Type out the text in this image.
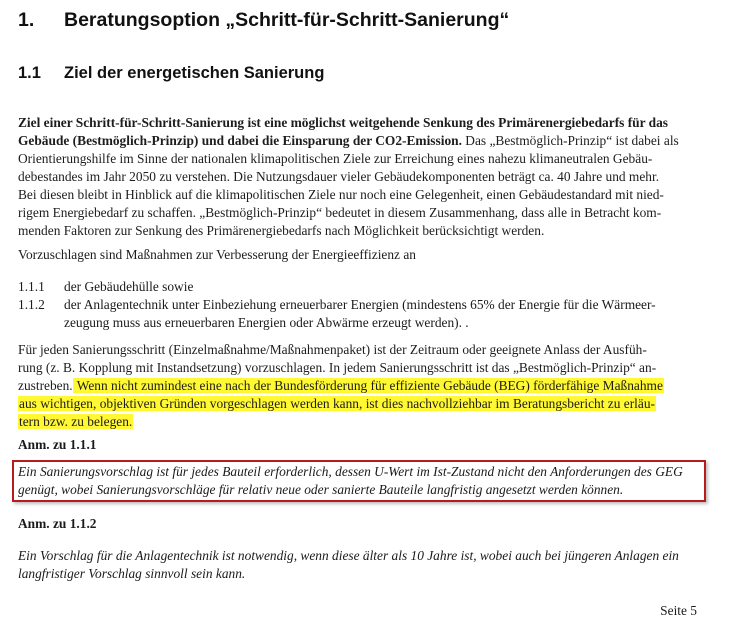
1. Beratungsoption „Schritt-für-Schritt-Sanierung“
1.1 Ziel der energetischen Sanierung
Ziel einer Schritt-für-Schritt-Sanierung ist eine möglichst weitgehende Senkung des Primärenergiebedarfs für das
Gebäude (Bestmöglich-Prinzip) und dabei die Einsparung der CO2-Emission. Das „Bestmöglich-Prinzip“ ist dabei als
Orientierungshilfe im Sinne der nationalen klimapolitischen Ziele zur Erreichung eines nahezu klimaneutralen Gebäu-
debestandes im Jahr 2050 zu verstehen. Die Nutzungsdauer vieler Gebäudekomponenten beträgt ca. 40 Jahre und mehr.
Bei diesen bleibt in Hinblick auf die klimapolitischen Ziele nur noch eine Gelegenheit, einen Gebäudestandard mit nied-
rigem Energiebedarf zu schaffen. „Bestmöglich-Prinzip“ bedeutet in diesem Zusammenhang, dass alle in Betracht kom-
menden Faktoren zur Senkung des Primärenergiebedarfs nach Möglichkeit berücksichtigt werden.
Vorzuschlagen sind Maßnahmen zur Verbesserung der Energieeffizienz an
1.1.1 der Gebäudehülle sowie
1.1.2 der Anlagentechnik unter Einbeziehung erneuerbarer Energien (mindestens 65% der Energie für die Wärmeer-
zeugung muss aus erneuerbaren Energien oder Abwärme erzeugt werden). .
Für jeden Sanierungsschritt (Einzelmaßnahme/Maßnahmenpaket) ist der Zeitraum oder geeignete Anlass der Ausfüh-
rung (z. B. Kopplung mit Instandsetzung) vorzuschlagen. In jedem Sanierungsschritt ist das „Bestmöglich-Prinzip“ an-
zustreben. Wenn nicht zumindest eine nach der Bundesförderung für effiziente Gebäude (BEG) förderfähige Maßnahme
aus wichtigen, objektiven Gründen vorgeschlagen werden kann, ist dies nachvollziehbar im Beratungsbericht zu erläu-
tern bzw. zu belegen.
Anm. zu 1.1.1
Ein Sanierungsvorschlag ist für jedes Bauteil erforderlich, dessen U-Wert im Ist-Zustand nicht den Anforderungen des GEG
genügt, wobei Sanierungsvorschläge für relativ neue oder sanierte Bauteile langfristig angesetzt werden können.
Anm. zu 1.1.2
Ein Vorschlag für die Anlagentechnik ist notwendig, wenn diese älter als 10 Jahre ist, wobei auch bei jüngeren Anlagen ein
langfristiger Vorschlag sinnvoll sein kann.
Seite 5
